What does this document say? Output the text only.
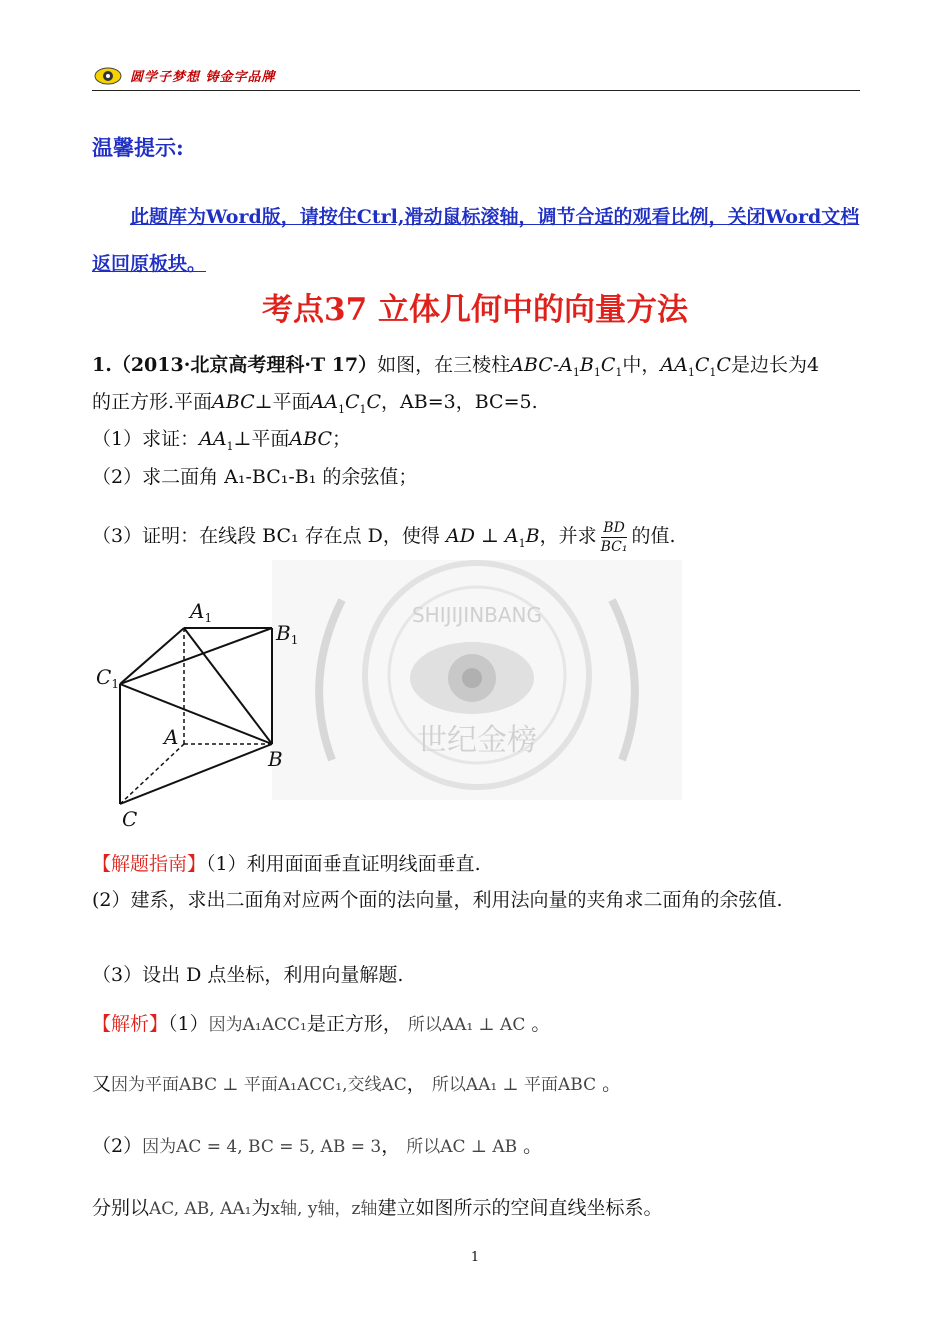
圆学子梦想 铸金字品牌
温馨提示:
此题库为Word版，请按住Ctrl,滑动鼠标滚轴，调节合适的观看比例，关闭Word文档返回原板块。
考点37 立体几何中的向量方法
1.（2013·北京高考理科·T 17）如图，在三棱柱ABC-$A_1B_1C_1$中，$AA_1C_1C$是边长为4
的正方形.平面ABC⊥平面$AA_1C_1C$，AB=3，BC=5.
（1）求证：$AA_1\perp$平面ABC；
（2）求二面角 A₁-BC₁-B₁ 的余弦值；
（3）证明：在线段 BC₁ 存在点 D，使得 AD ⊥ $A_1B$，并求 $\frac{BD}{\text{BC₁}}$ 的值.
SHIJIJINBANG
世纪金榜
$A_1$
$B_1$
$C_1$
A
B
C
【解题指南】（1）利用面面垂直证明线面垂直.
(2）建系，求出二面角对应两个面的法向量，利用法向量的夹角求二面角的余弦值.
（3）设出 D 点坐标，利用向量解题.
【解析】（1）因为A₁ACC₁是正方形， 所以AA₁ ⊥ AC 。
又因为平面ABC ⊥ 平面A₁ACC₁,交线AC， 所以AA₁ ⊥ 平面ABC 。
（2）因为AC = 4, BC = 5, AB = 3， 所以AC ⊥ AB 。
分别以AC, AB, AA₁为x轴, y轴，z轴建立如图所示的空间直线坐标系。
1
